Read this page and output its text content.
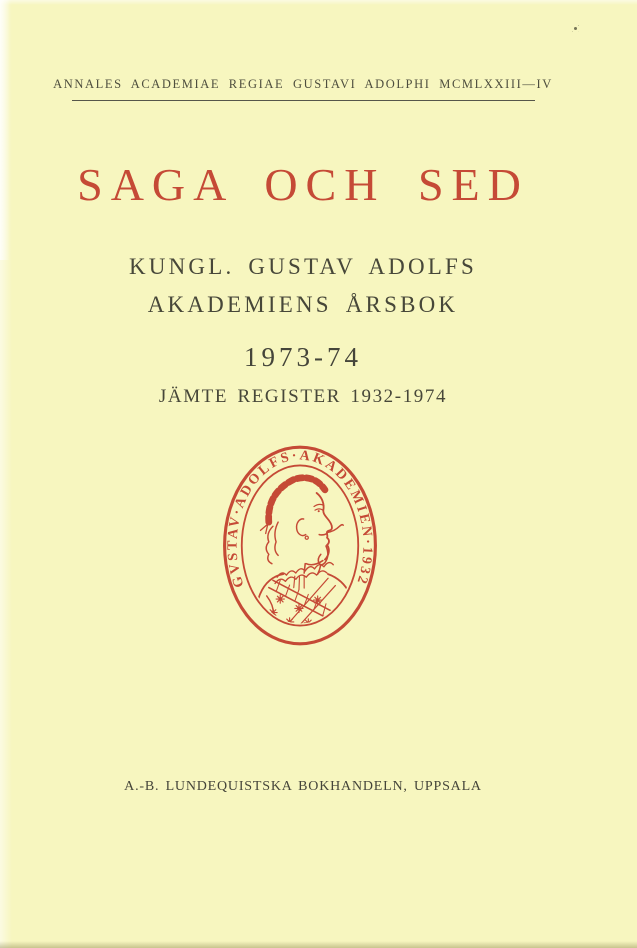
ANNALES ACADEMIAE REGIAE GUSTAVI ADOLPHI MCMLXXIII—IV
SAGA OCH SED
KUNGL. GUSTAV ADOLFS
AKADEMIENS ÅRSBOK
1973-74
JÄMTE REGISTER 1932-1974
GVSTAV·ADOLFS·AKADEMIEN·1932
A.-B. LUNDEQUISTSKA BOKHANDELN, UPPSALA
